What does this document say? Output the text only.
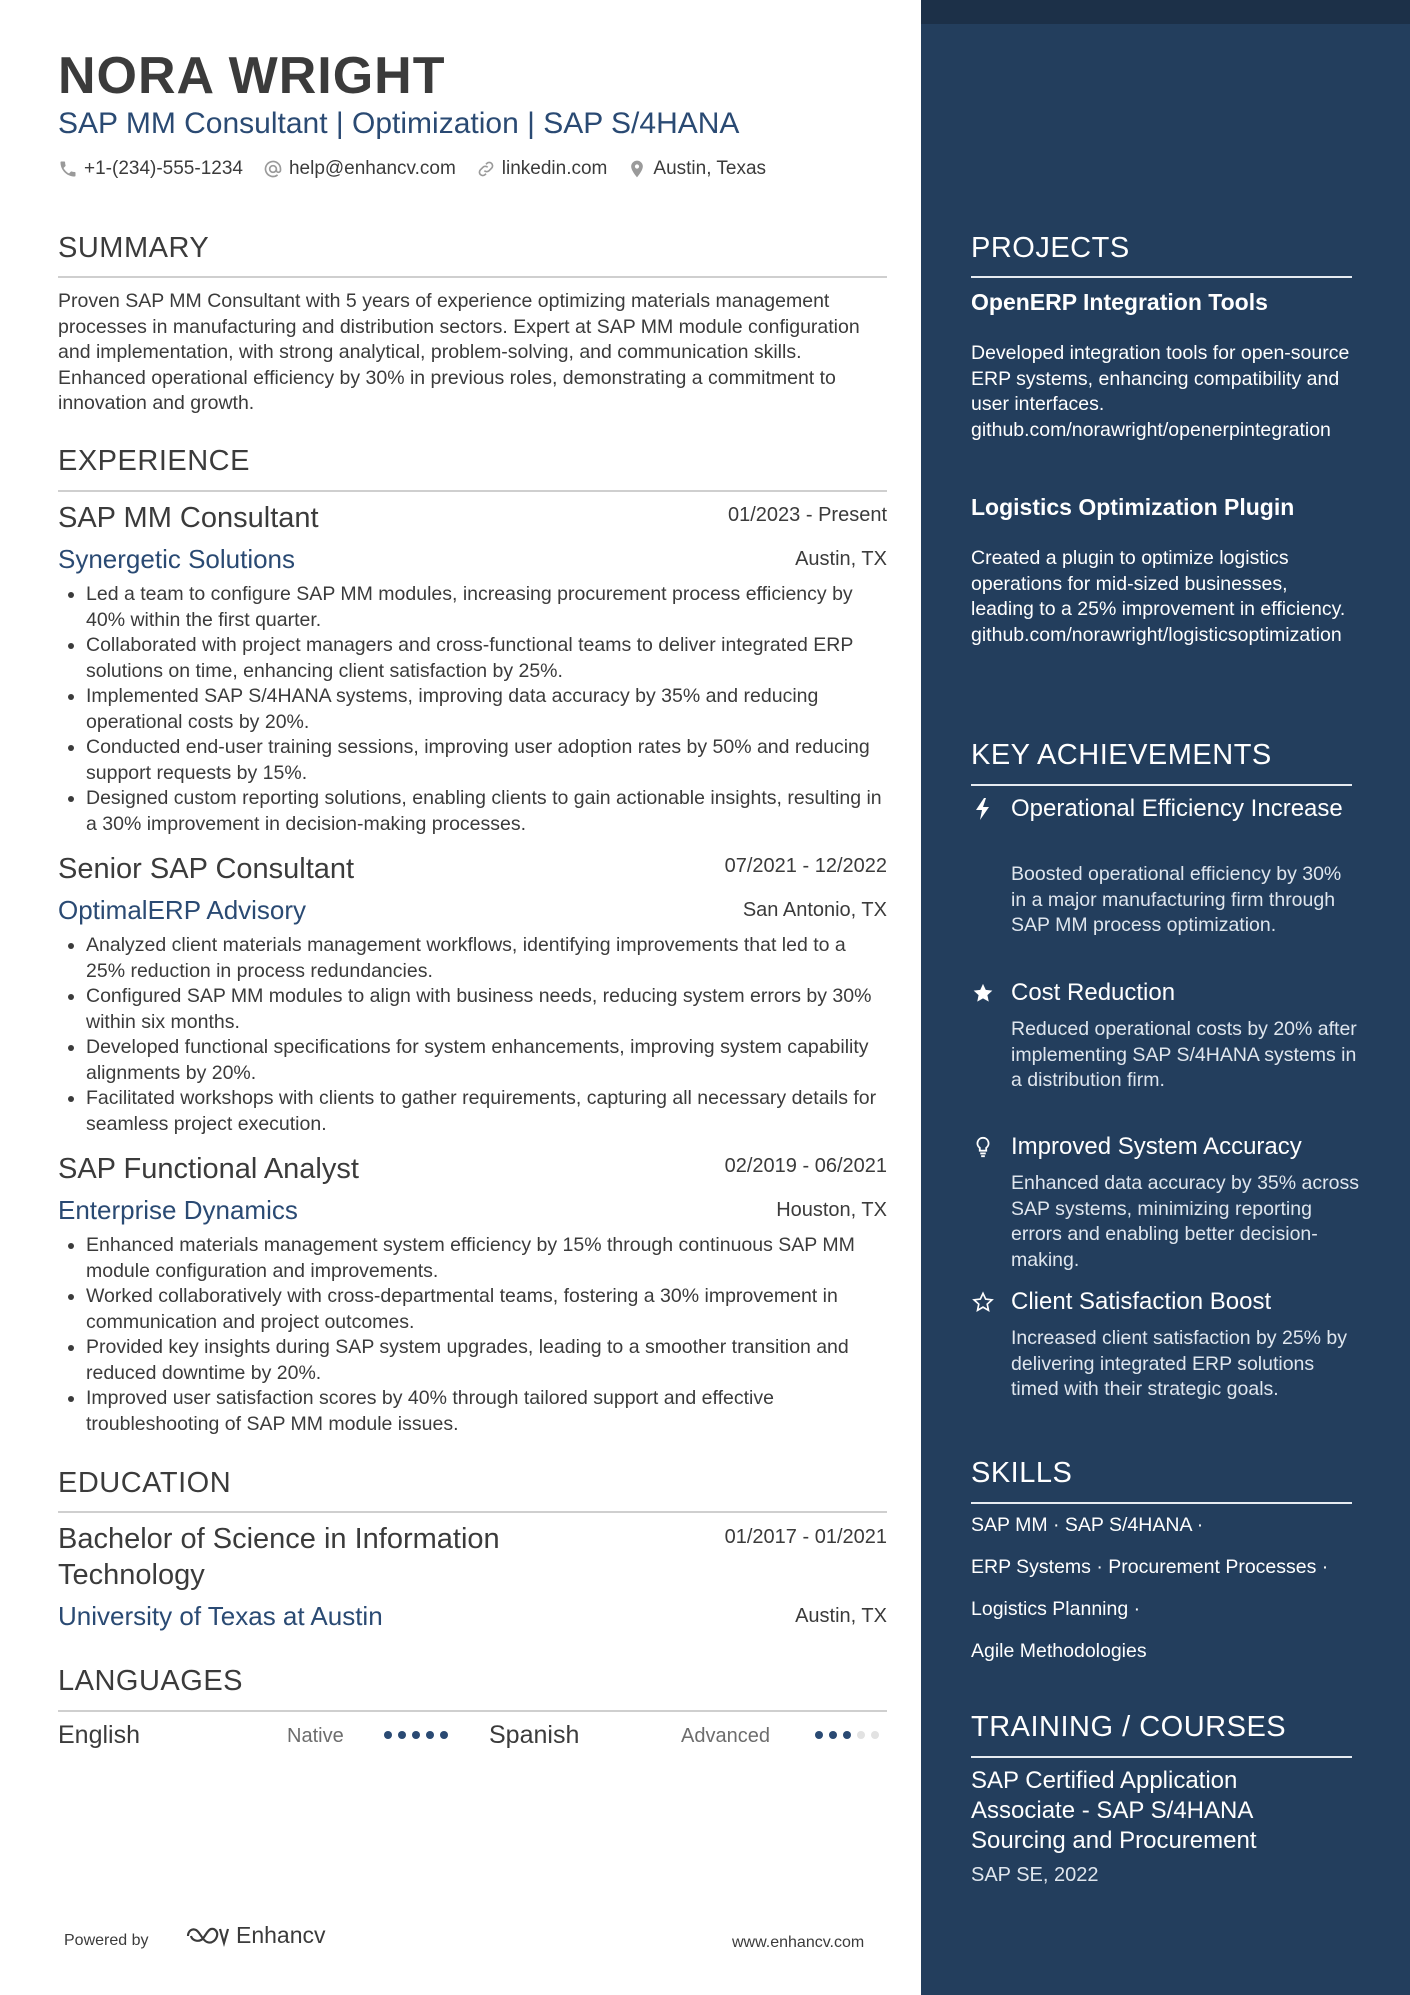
NORA WRIGHT
SAP MM Consultant | Optimization | SAP S/4HANA
+1-(234)-555-1234 help@enhancv.com linkedin.com Austin, Texas
SUMMARY
Proven SAP MM Consultant with 5 years of experience optimizing materials management processes in manufacturing and distribution sectors. Expert at SAP MM module configuration and implementation, with strong analytical, problem-solving, and communication skills. Enhanced operational efficiency by 30% in previous roles, demonstrating a commitment to innovation and growth.
EXPERIENCE
SAP MM Consultant	01/2023 - Present
Synergetic Solutions	Austin, TX
• Led a team to configure SAP MM modules, increasing procurement process efficiency by 40% within the first quarter.
• Collaborated with project managers and cross-functional teams to deliver integrated ERP solutions on time, enhancing client satisfaction by 25%.
• Implemented SAP S/4HANA systems, improving data accuracy by 35% and reducing operational costs by 20%.
• Conducted end-user training sessions, improving user adoption rates by 50% and reducing support requests by 15%.
• Designed custom reporting solutions, enabling clients to gain actionable insights, resulting in a 30% improvement in decision-making processes.
Senior SAP Consultant	07/2021 - 12/2022
OptimalERP Advisory	San Antonio, TX
• Analyzed client materials management workflows, identifying improvements that led to a 25% reduction in process redundancies.
• Configured SAP MM modules to align with business needs, reducing system errors by 30% within six months.
• Developed functional specifications for system enhancements, improving system capability alignments by 20%.
• Facilitated workshops with clients to gather requirements, capturing all necessary details for seamless project execution.
SAP Functional Analyst	02/2019 - 06/2021
Enterprise Dynamics	Houston, TX
• Enhanced materials management system efficiency by 15% through continuous SAP MM module configuration and improvements.
• Worked collaboratively with cross-departmental teams, fostering a 30% improvement in communication and project outcomes.
• Provided key insights during SAP system upgrades, leading to a smoother transition and reduced downtime by 20%.
• Improved user satisfaction scores by 40% through tailored support and effective troubleshooting of SAP MM module issues.
EDUCATION
Bachelor of Science in Information Technology
01/2017 - 01/2021
University of Texas at Austin	Austin, TX
LANGUAGES
English	Native	Spanish	Advanced
Powered by	Enhancv	www.enhancv.com
PROJECTS
OpenERP Integration Tools
Developed integration tools for open-source ERP systems, enhancing compatibility and user interfaces.
github.com/norawright/openerpintegration
Logistics Optimization Plugin
Created a plugin to optimize logistics operations for mid-sized businesses, leading to a 25% improvement in efficiency.
github.com/norawright/logisticsoptimization
KEY ACHIEVEMENTS
Operational Efficiency Increase
Boosted operational efficiency by 30% in a major manufacturing firm through SAP MM process optimization.
Cost Reduction
Reduced operational costs by 20% after implementing SAP S/4HANA systems in a distribution firm.
Improved System Accuracy
Enhanced data accuracy by 35% across SAP systems, minimizing reporting errors and enabling better decision-making.
Client Satisfaction Boost
Increased client satisfaction by 25% by delivering integrated ERP solutions timed with their strategic goals.
SKILLS
SAP MM · SAP S/4HANA ·
ERP Systems · Procurement Processes ·
Logistics Planning ·
Agile Methodologies
TRAINING / COURSES
SAP Certified Application Associate - SAP S/4HANA Sourcing and Procurement
SAP SE, 2022
